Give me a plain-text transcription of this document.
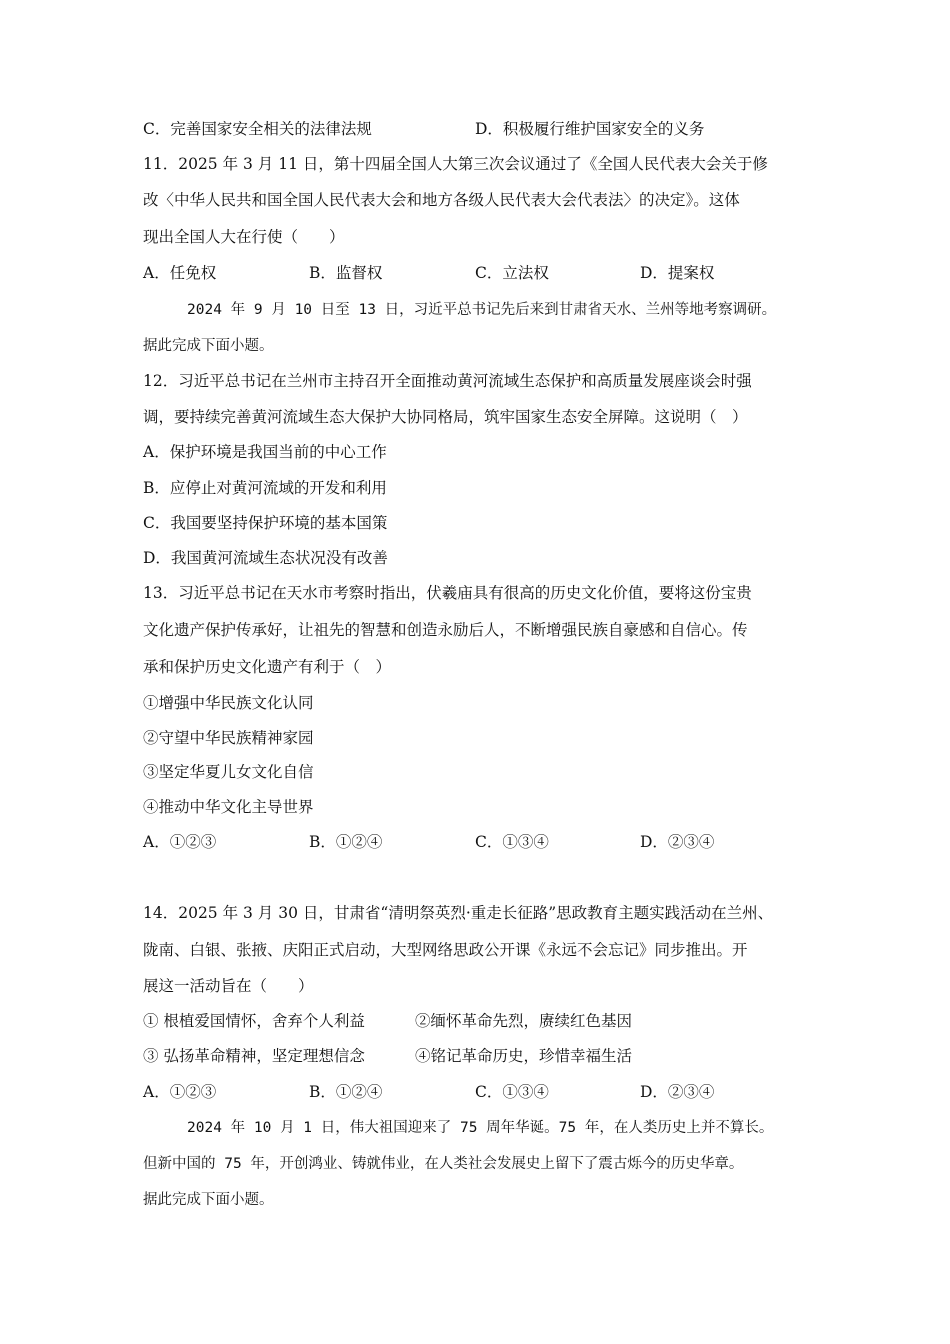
C．完善国家安全相关的法律法规	D．积极履行维护国家安全的义务
11．2025 年 3 月 11 日，第十四届全国人大第三次会议通过了《全国人民代表大会关于修
改〈中华人民共和国全国人民代表大会和地方各级人民代表大会代表法〉的决定》。这体
现出全国人大在行使（　　）
A．任免权	B．监督权	C．立法权	D．提案权
2024 年 9 月 10 日至 13 日，习近平总书记先后来到甘肃省天水、兰州等地考察调研。
据此完成下面小题。
12．习近平总书记在兰州市主持召开全面推动黄河流域生态保护和高质量发展座谈会时强
调，要持续完善黄河流域生态大保护大协同格局，筑牢国家生态安全屏障。这说明（　）
A．保护环境是我国当前的中心工作
B．应停止对黄河流域的开发和利用
C．我国要坚持保护环境的基本国策
D．我国黄河流域生态状况没有改善
13．习近平总书记在天水市考察时指出，伏羲庙具有很高的历史文化价值，要将这份宝贵
文化遗产保护传承好，让祖先的智慧和创造永励后人，不断增强民族自豪感和自信心。传
承和保护历史文化遗产有利于（　）
①增强中华民族文化认同
②守望中华民族精神家园
③坚定华夏儿女文化自信
④推动中华文化主导世界
A．①②③	B．①②④	C．①③④	D．②③④
14．2025 年 3 月 30 日，甘肃省“清明祭英烈·重走长征路”思政教育主题实践活动在兰州、
陇南、白银、张掖、庆阳正式启动，大型网络思政公开课《永远不会忘记》同步推出。开
展这一活动旨在（　　）
① 根植爱国情怀，舍弃个人利益	②缅怀革命先烈，赓续红色基因
③ 弘扬革命精神，坚定理想信念	④铭记革命历史，珍惜幸福生活
A．①②③	B．①②④	C．①③④	D．②③④
2024 年 10 月 1 日，伟大祖国迎来了 75 周年华诞。75 年，在人类历史上并不算长。
但新中国的 75 年，开创鸿业、铸就伟业，在人类社会发展史上留下了震古烁今的历史华章。
据此完成下面小题。
